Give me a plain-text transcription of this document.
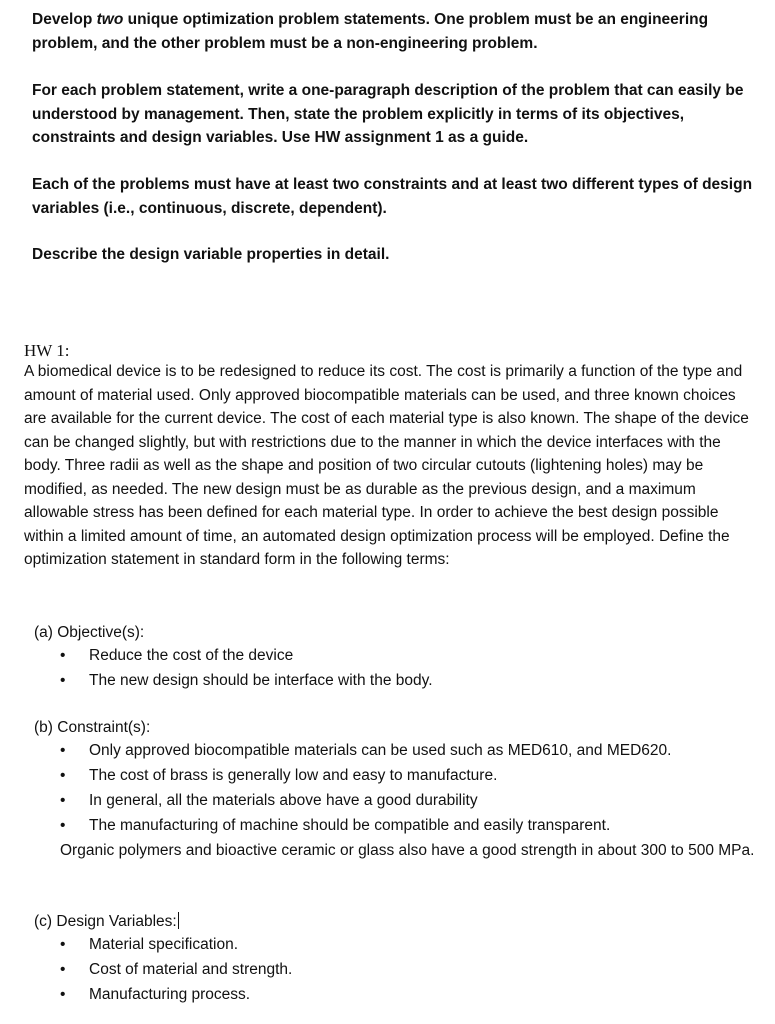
Develop two unique optimization problem statements. One problem must be an engineering problem, and the other problem must be a non-engineering problem.
For each problem statement, write a one-paragraph description of the problem that can easily be understood by management. Then, state the problem explicitly in terms of its objectives, constraints and design variables. Use HW assignment 1 as a guide.
Each of the problems must have at least two constraints and at least two different types of design variables (i.e., continuous, discrete, dependent).
Describe the design variable properties in detail.
HW 1:
A biomedical device is to be redesigned to reduce its cost. The cost is primarily a function of the type and amount of material used. Only approved biocompatible materials can be used, and three known choices are available for the current device. The cost of each material type is also known. The shape of the device can be changed slightly, but with restrictions due to the manner in which the device interfaces with the body. Three radii as well as the shape and position of two circular cutouts (lightening holes) may be modified, as needed. The new design must be as durable as the previous design, and a maximum allowable stress has been defined for each material type. In order to achieve the best design possible within a limited amount of time, an automated design optimization process will be employed. Define the optimization statement in standard form in the following terms:
(a) Objective(s):
• Reduce the cost of the device
• The new design should be interface with the body.
(b) Constraint(s):
• Only approved biocompatible materials can be used such as MED610, and MED620.
• The cost of brass is generally low and easy to manufacture.
• In general, all the materials above have a good durability
• The manufacturing of machine should be compatible and easily transparent.
Organic polymers and bioactive ceramic or glass also have a good strength in about 300 to 500 MPa.
(c) Design Variables:
• Material specification.
• Cost of material and strength.
• Manufacturing process.
